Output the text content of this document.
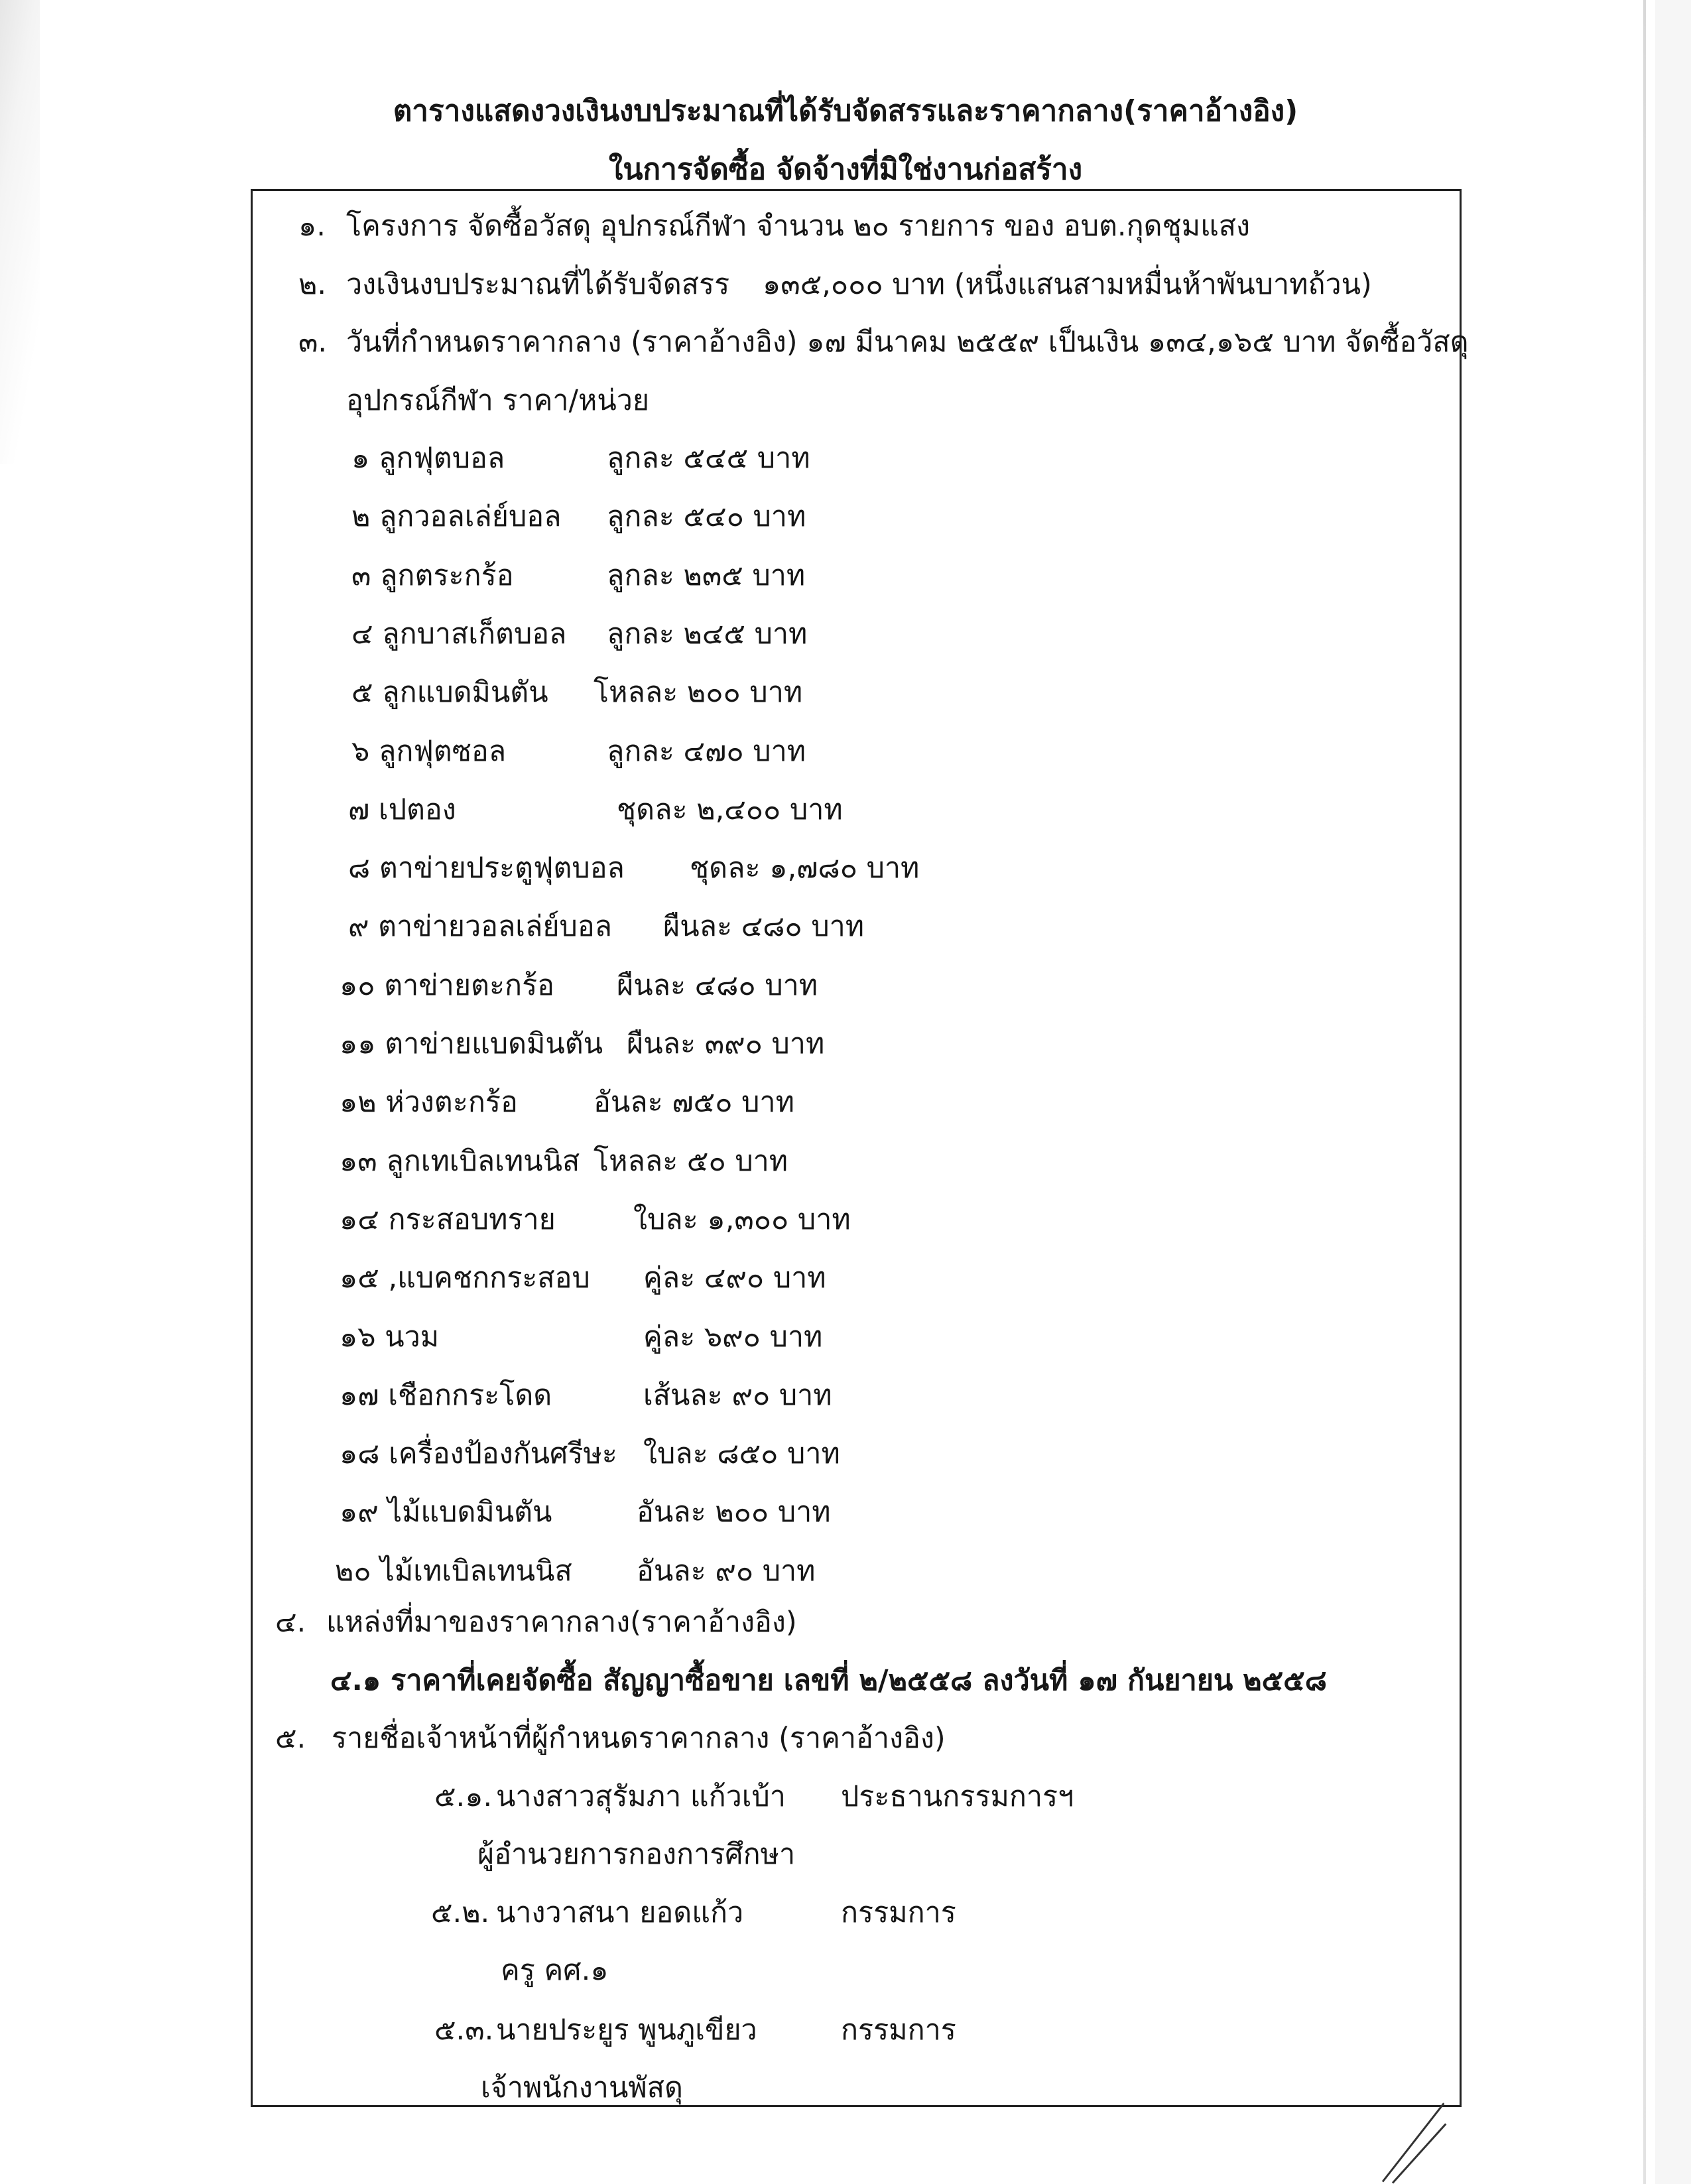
ตารางแสดงวงเงินงบประมาณที่ได้รับจัดสรรและราคากลาง(ราคาอ้างอิง)
ในการจัดซื้อ จัดจ้างที่มิใช่งานก่อสร้าง
๑. โครงการ จัดซื้อวัสดุ อุปกรณ์กีฬา จำนวน ๒๐ รายการ ของ อบต.กุดชุมแสง
๒. วงเงินงบประมาณที่ได้รับจัดสรร ๑๓๕,๐๐๐ บาท (หนึ่งแสนสามหมื่นห้าพันบาทถ้วน)
๓. วันที่กำหนดราคากลาง (ราคาอ้างอิง) ๑๗ มีนาคม ๒๕๕๙ เป็นเงิน ๑๓๔,๑๖๕ บาท จัดซื้อวัสดุ
อุปกรณ์กีฬา ราคา/หน่วย
๑ ลูกฟุตบอล	ลูกละ ๕๔๕ บาท
๒ ลูกวอลเล่ย์บอล ลูกละ ๕๔๐ บาท
๓ ลูกตระกร้อ	ลูกละ ๒๓๕ บาท
๔ ลูกบาสเก็ตบอล ลูกละ ๒๔๕ บาท
๕ ลูกแบดมินตัน โหลละ ๒๐๐ บาท
๖ ลูกฟุตซอล	ลูกละ ๔๗๐ บาท
๗ เปตอง	ชุดละ ๒,๔๐๐ บาท
๘ ตาข่ายประตูฟุตบอล ชุดละ ๑,๗๘๐ บาท
๙ ตาข่ายวอลเล่ย์บอล ผืนละ ๔๘๐ บาท
๑๐ ตาข่ายตะกร้อ ผืนละ ๔๘๐ บาท
๑๑ ตาข่ายแบดมินตัน ผืนละ ๓๙๐ บาท
๑๒ ห่วงตะกร้อ	อันละ ๗๕๐ บาท
๑๓ ลูกเทเบิลเทนนิส โหลละ ๕๐ บาท
๑๔ กระสอบทราย	ใบละ ๑,๓๐๐ บาท
๑๕ ,แบคชกกระสอบ คู่ละ ๔๙๐ บาท
๑๖ นวม	คู่ละ ๖๙๐ บาท
๑๗ เชือกกระโดด	เส้นละ ๙๐ บาท
๑๘ เครื่องป้องกันศรีษะ ใบละ ๘๕๐ บาท
๑๙ ไม้แบดมินตัน	อันละ ๒๐๐ บาท
๒๐ ไม้เทเบิลเทนนิส อันละ ๙๐ บาท
๔. แหล่งที่มาของราคากลาง(ราคาอ้างอิง)
๔.๑ ราคาที่เคยจัดซื้อ สัญญาซื้อขาย เลขที่ ๒/๒๕๕๘ ลงวันที่ ๑๗ กันยายน ๒๕๕๘
๕. รายชื่อเจ้าหน้าที่ผู้กำหนดราคากลาง (ราคาอ้างอิง)
๕.๑. นางสาวสุรัมภา แก้วเบ้า ประธานกรรมการฯ
ผู้อำนวยการกองการศึกษา
๕.๒. นางวาสนา ยอดแก้ว	กรรมการ
ครู คศ.๑
๕.๓. นายประยูร พูนภูเขียว	กรรมการ
เจ้าพนักงานพัสดุ
